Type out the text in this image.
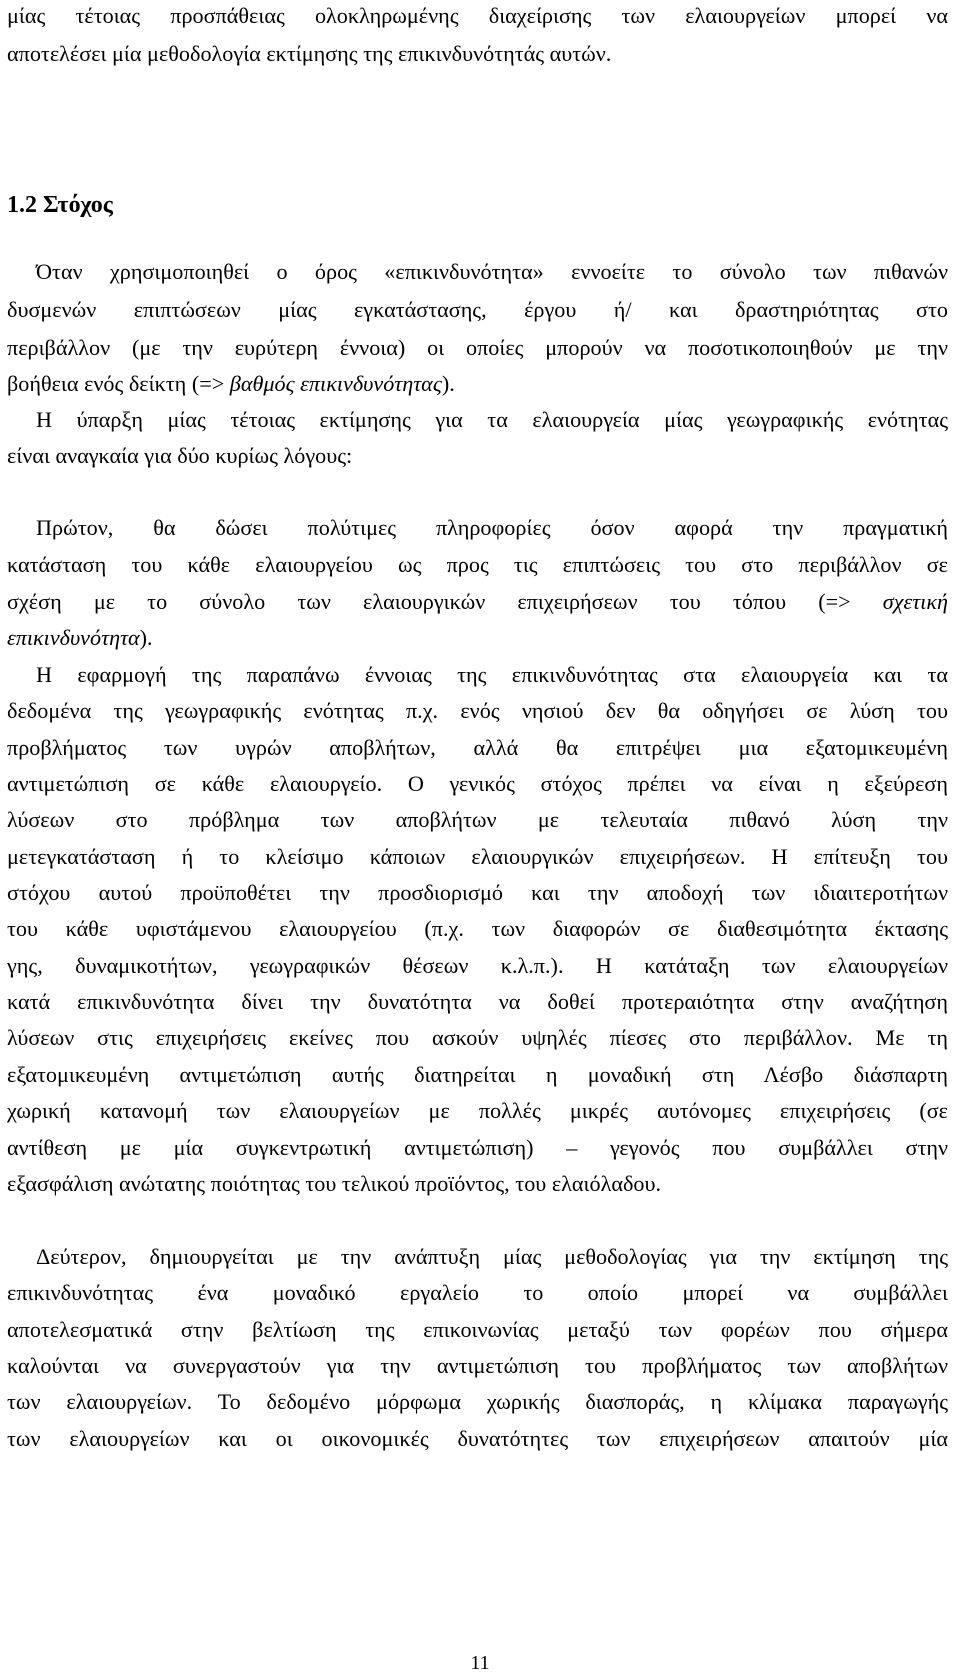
μίας τέτοιας προσπάθειας ολοκληρωμένης διαχείρισης των ελαιουργείων μπορεί να
αποτελέσει μία μεθοδολογία εκτίμησης της επικινδυνότητάς αυτών.
1.2 Στόχος
Όταν χρησιμοποιηθεί ο όρος «επικινδυνότητα» εννοείτε το σύνολο των πιθανών
δυσμενών επιπτώσεων μίας εγκατάστασης, έργου ή/ και δραστηριότητας στο
περιβάλλον (με την ευρύτερη έννοια) οι οποίες μπορούν να ποσοτικοποιηθούν με την
βοήθεια ενός δείκτη (=> βαθμός επικινδυνότητας).
Η ύπαρξη μίας τέτοιας εκτίμησης για τα ελαιουργεία μίας γεωγραφικής ενότητας
είναι αναγκαία για δύο κυρίως λόγους:
Πρώτον, θα δώσει πολύτιμες πληροφορίες όσον αφορά την πραγματική
κατάσταση του κάθε ελαιουργείου ως προς τις επιπτώσεις του στο περιβάλλον σε
σχέση με το σύνολο των ελαιουργικών επιχειρήσεων του τόπου (=> σχετική
επικινδυνότητα).
Η εφαρμογή της παραπάνω έννοιας της επικινδυνότητας στα ελαιουργεία και τα
δεδομένα της γεωγραφικής ενότητας π.χ. ενός νησιού δεν θα οδηγήσει σε λύση του
προβλήματος των υγρών αποβλήτων, αλλά θα επιτρέψει μια εξατομικευμένη
αντιμετώπιση σε κάθε ελαιουργείο. Ο γενικός στόχος πρέπει να είναι η εξεύρεση
λύσεων στο πρόβλημα των αποβλήτων με τελευταία πιθανό λύση την
μετεγκατάσταση ή το κλείσιμο κάποιων ελαιουργικών επιχειρήσεων. Η επίτευξη του
στόχου αυτού προϋποθέτει την προσδιορισμό και την αποδοχή των ιδιαιτεροτήτων
του κάθε υφιστάμενου ελαιουργείου (π.χ. των διαφορών σε διαθεσιμότητα έκτασης
γης, δυναμικοτήτων, γεωγραφικών θέσεων κ.λ.π.). Η κατάταξη των ελαιουργείων
κατά επικινδυνότητα δίνει την δυνατότητα να δοθεί προτεραιότητα στην αναζήτηση
λύσεων στις επιχειρήσεις εκείνες που ασκούν υψηλές πίεσες στο περιβάλλον. Με τη
εξατομικευμένη αντιμετώπιση αυτής διατηρείται η μοναδική στη Λέσβο διάσπαρτη
χωρική κατανομή των ελαιουργείων με πολλές μικρές αυτόνομες επιχειρήσεις (σε
αντίθεση με μία συγκεντρωτική αντιμετώπιση) – γεγονός που συμβάλλει στην
εξασφάλιση ανώτατης ποιότητας του τελικού προϊόντος, του ελαιόλαδου.
Δεύτερον, δημιουργείται με την ανάπτυξη μίας μεθοδολογίας για την εκτίμηση της
επικινδυνότητας ένα μοναδικό εργαλείο το οποίο μπορεί να συμβάλλει
αποτελεσματικά στην βελτίωση της επικοινωνίας μεταξύ των φορέων που σήμερα
καλούνται να συνεργαστούν για την αντιμετώπιση του προβλήματος των αποβλήτων
των ελαιουργείων. Το δεδομένο μόρφωμα χωρικής διασποράς, η κλίμακα παραγωγής
των ελαιουργείων και οι οικονομικές δυνατότητες των επιχειρήσεων απαιτούν μία
11
